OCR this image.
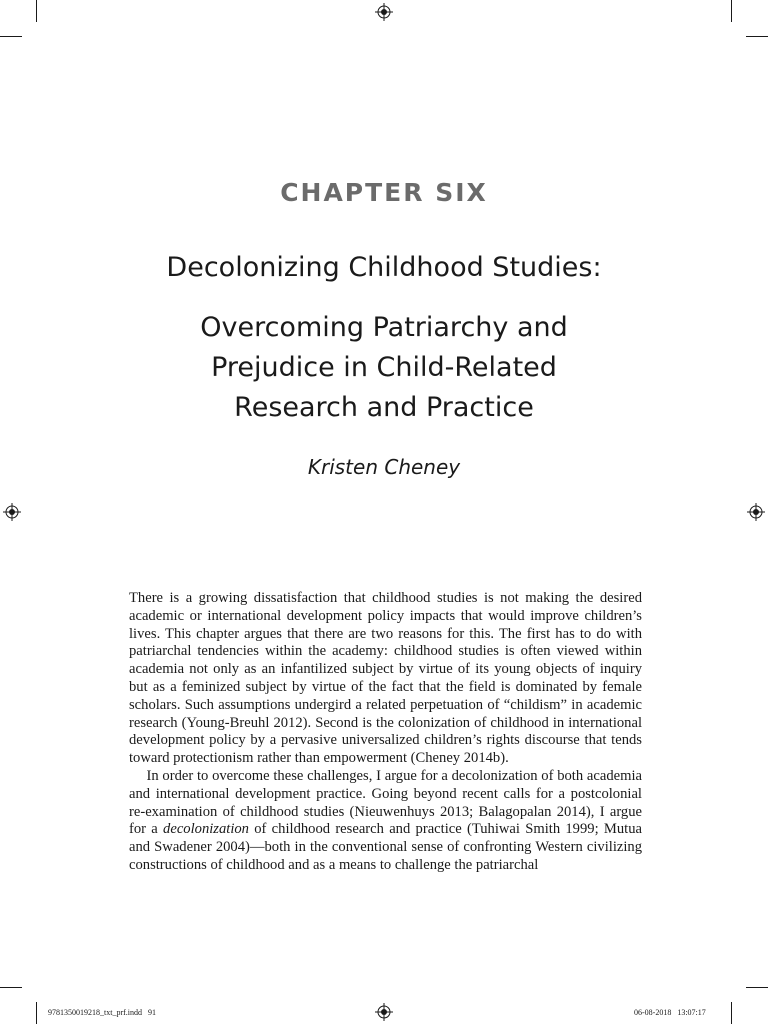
CHAPTER SIX
Decolonizing Childhood Studies:
Overcoming Patriarchy and Prejudice in Child-Related Research and Practice
Kristen Cheney

There is a growing dissatisfaction that childhood studies is not making the desired academic or international development policy impacts that would improve children’s lives. This chapter argues that there are two reasons for this. The first has to do with patriarchal tendencies within the academy: childhood studies is often viewed within academia not only as an infantilized subject by virtue of its young objects of inquiry but as a feminized subject by virtue of the fact that the field is dominated by female scholars. Such assumptions undergird a related perpetuation of “childism” in academic research (Young-Breuhl 2012). Second is the colonization of childhood in international development policy by a pervasive universalized children’s rights discourse that tends toward protectionism rather than empowerment (Cheney 2014b).

In order to overcome these challenges, I argue for a decolonization of both academia and international development practice. Going beyond recent calls for a postcolonial re-examination of childhood studies (Nieuwenhuys 2013; Balagopalan 2014), I argue for a decolonization of childhood research and practice (Tuhiwai Smith 1999; Mutua and Swadener 2004)—both in the conventional sense of confronting Western civilizing constructions of childhood and as a means to challenge the patriarchal

9781350019218_txt_prf.indd   91	06-08-2018   13:07:17
